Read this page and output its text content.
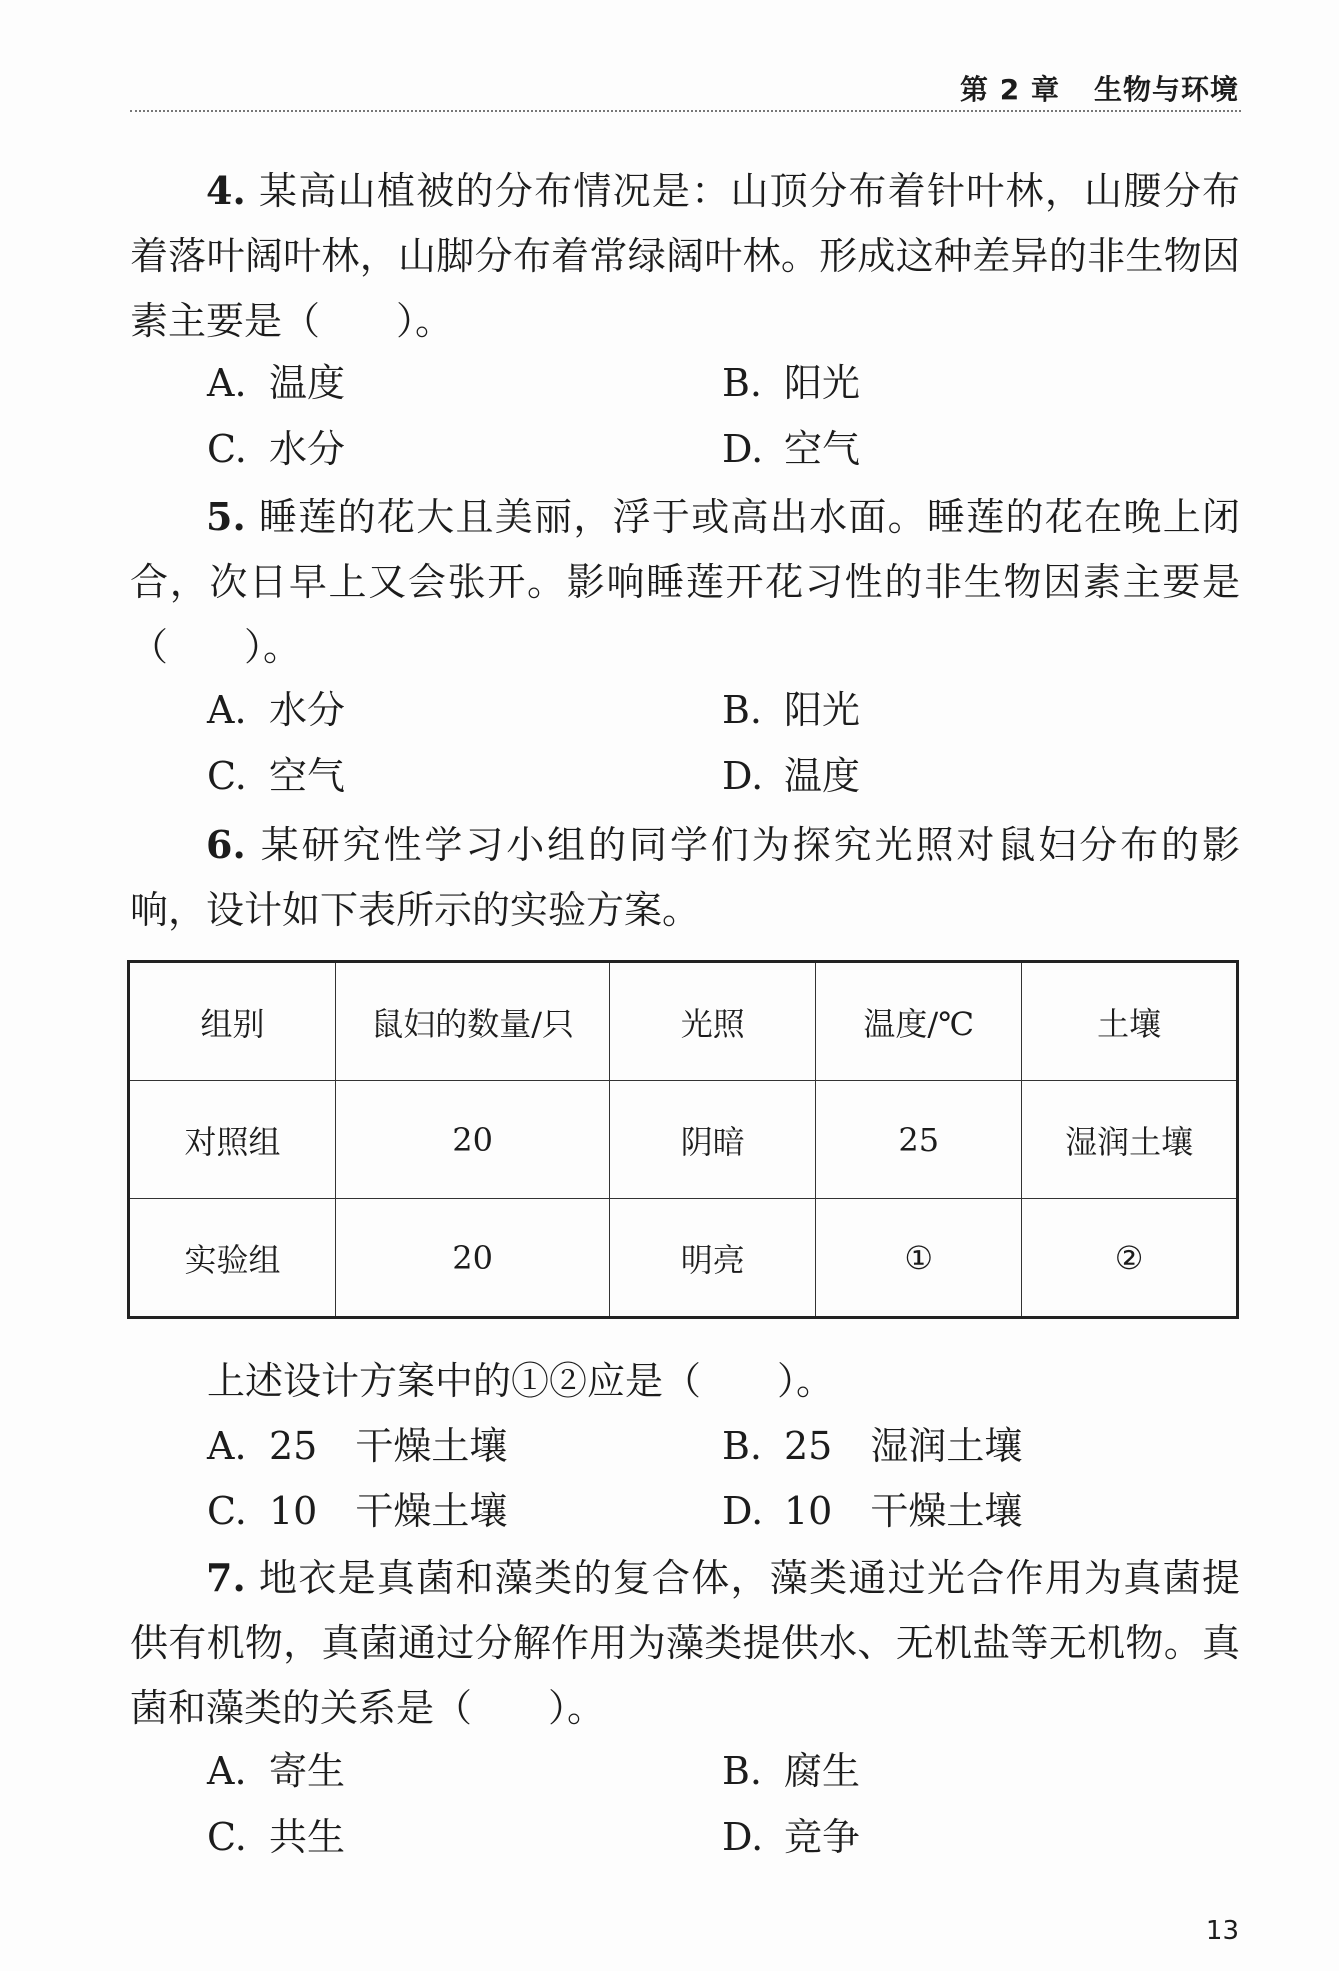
第 2 章 生物与环境
4. 某高山植被的分布情况是：山顶分布着针叶林，山腰分布着落叶阔叶林，山脚分布着常绿阔叶林。形成这种差异的非生物因素主要是（　　）。
A. 温度	B. 阳光
C. 水分	D. 空气
5. 睡莲的花大且美丽，浮于或高出水面。睡莲的花在晚上闭合，次日早上又会张开。影响睡莲开花习性的非生物因素主要是（　　）。
A. 水分	B. 阳光
C. 空气	D. 温度
6. 某研究性学习小组的同学们为探究光照对鼠妇分布的影响，设计如下表所示的实验方案。
组别	鼠妇的数量/只	光照	温度/℃	土壤
对照组	20	阴暗	25	湿润土壤
实验组	20	明亮	①	②
上述设计方案中的①②应是（　　）。
A. 25　干燥土壤	B. 25　湿润土壤
C. 10　干燥土壤	D. 10　干燥土壤
7. 地衣是真菌和藻类的复合体，藻类通过光合作用为真菌提供有机物，真菌通过分解作用为藻类提供水、无机盐等无机物。真菌和藻类的关系是（　　）。
A. 寄生	B. 腐生
C. 共生	D. 竞争
13
